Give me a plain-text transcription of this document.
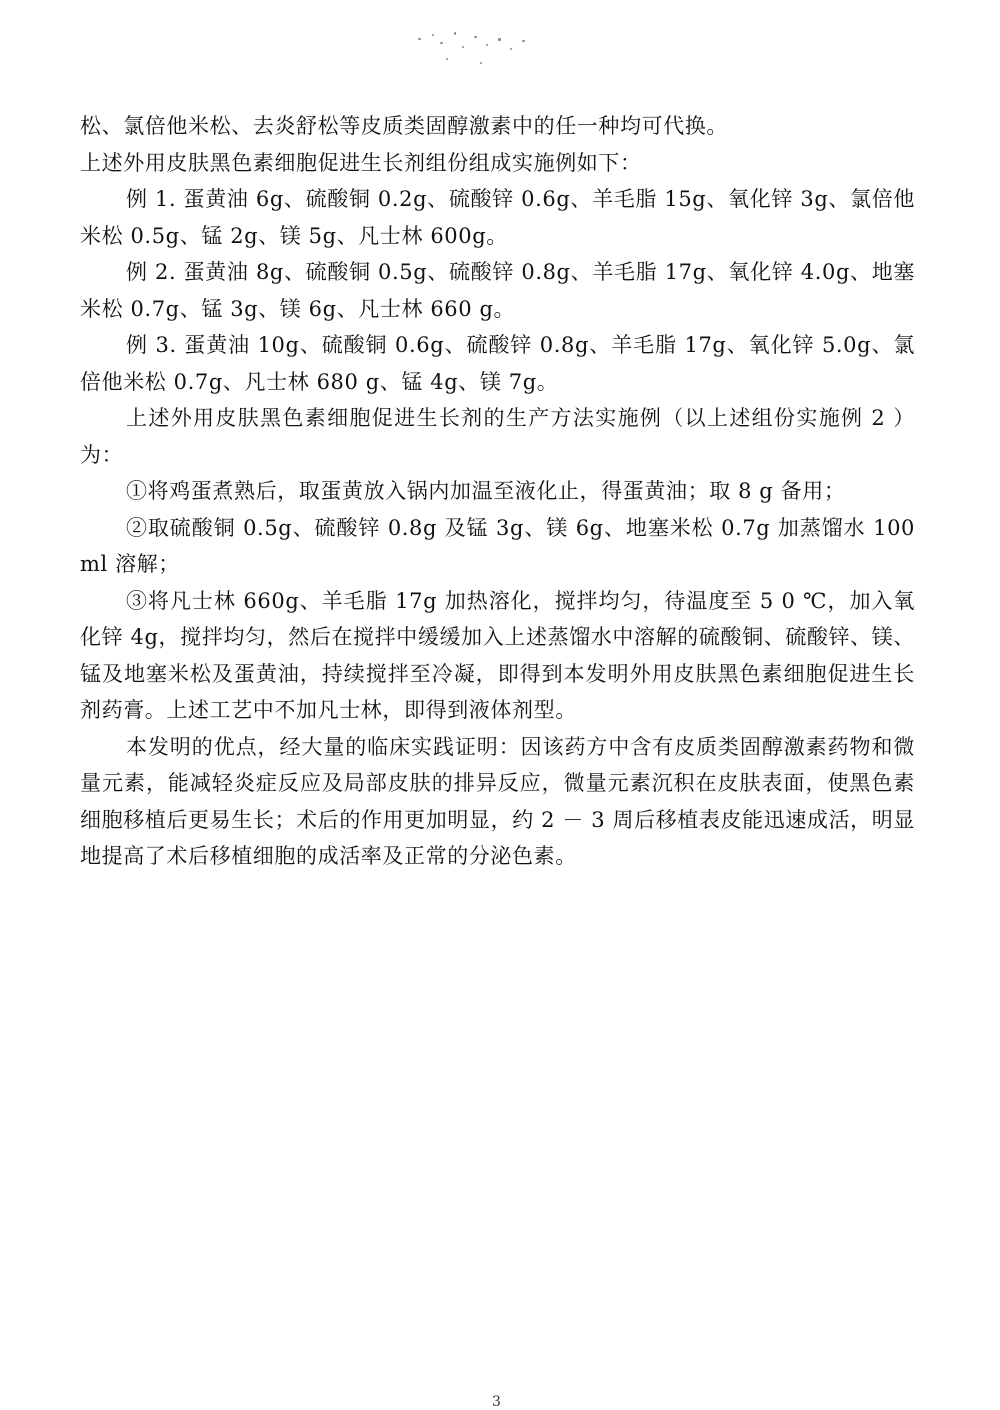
松、氯倍他米松、去炎舒松等皮质类固醇激素中的任一种均可代换。

上述外用皮肤黑色素细胞促进生长剂组份组成实施例如下：

例 1. 蛋黄油 6g、硫酸铜 0.2g、硫酸锌 0.6g、羊毛脂 15g、氧化锌 3g、氯倍他米松 0.5g、锰 2g、镁 5g、凡士林 600g。

例 2. 蛋黄油 8g、硫酸铜 0.5g、硫酸锌 0.8g、羊毛脂 17g、氧化锌 4.0g、地塞米松 0.7g、锰 3g、镁 6g、凡士林 660 g。

例 3. 蛋黄油 10g、硫酸铜 0.6g、硫酸锌 0.8g、羊毛脂 17g、氧化锌 5.0g、氯倍他米松 0.7g、凡士林 680 g、锰 4g、镁 7g。

上述外用皮肤黑色素细胞促进生长剂的生产方法实施例（以上述组份实施例 2 ）为：

①将鸡蛋煮熟后，取蛋黄放入锅内加温至液化止，得蛋黄油；取 8 g 备用；

②取硫酸铜 0.5g、硫酸锌 0.8g 及锰 3g、镁 6g、地塞米松 0.7g 加蒸馏水 100ml 溶解；

③将凡士林 660g、羊毛脂 17g 加热溶化，搅拌均匀，待温度至 5 0 ℃，加入氧化锌 4g，搅拌均匀，然后在搅拌中缓缓加入上述蒸馏水中溶解的硫酸铜、硫酸锌、镁、锰及地塞米松及蛋黄油，持续搅拌至冷凝，即得到本发明外用皮肤黑色素细胞促进生长剂药膏。上述工艺中不加凡士林，即得到液体剂型。

本发明的优点，经大量的临床实践证明：因该药方中含有皮质类固醇激素药物和微量元素，能减轻炎症反应及局部皮肤的排异反应，微量元素沉积在皮肤表面，使黑色素细胞移植后更易生长；术后的作用更加明显，约 2 － 3 周后移植表皮能迅速成活，明显地提高了术后移植细胞的成活率及正常的分泌色素。

3
